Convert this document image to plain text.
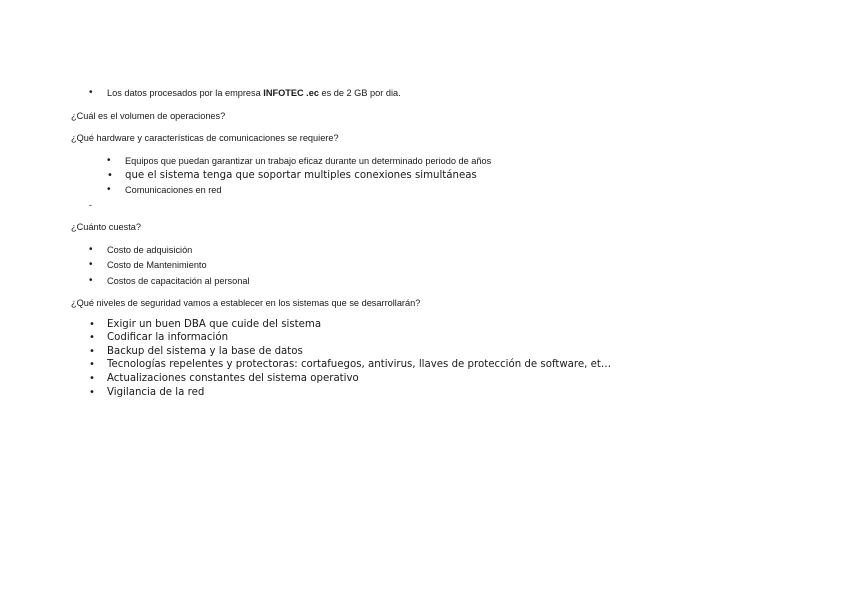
• Los datos procesados por la empresa INFOTEC .ec es de 2 GB por dia.
¿Cuál es el volumen de operaciones?
¿Qué hardware y características de comunicaciones se requiere?
• Equipos que puedan garantizar un trabajo eficaz durante un determinado periodo de años
• que el sistema tenga que soportar multiples conexiones simultáneas
• Comunicaciones en red
-
¿Cuánto cuesta?
• Costo de adquisición
• Costo de Mantenimiento
• Costos de capacitación al personal
¿Qué niveles de seguridad vamos a establecer en los sistemas que se desarrollarán?
• Exigir un buen DBA que cuide del sistema
• Codificar la información
• Backup del sistema y la base de datos
• Tecnologías repelentes y protectoras: cortafuegos, antivirus, llaves de protección de software, et…
• Actualizaciones constantes del sistema operativo
• Vigilancia de la red
